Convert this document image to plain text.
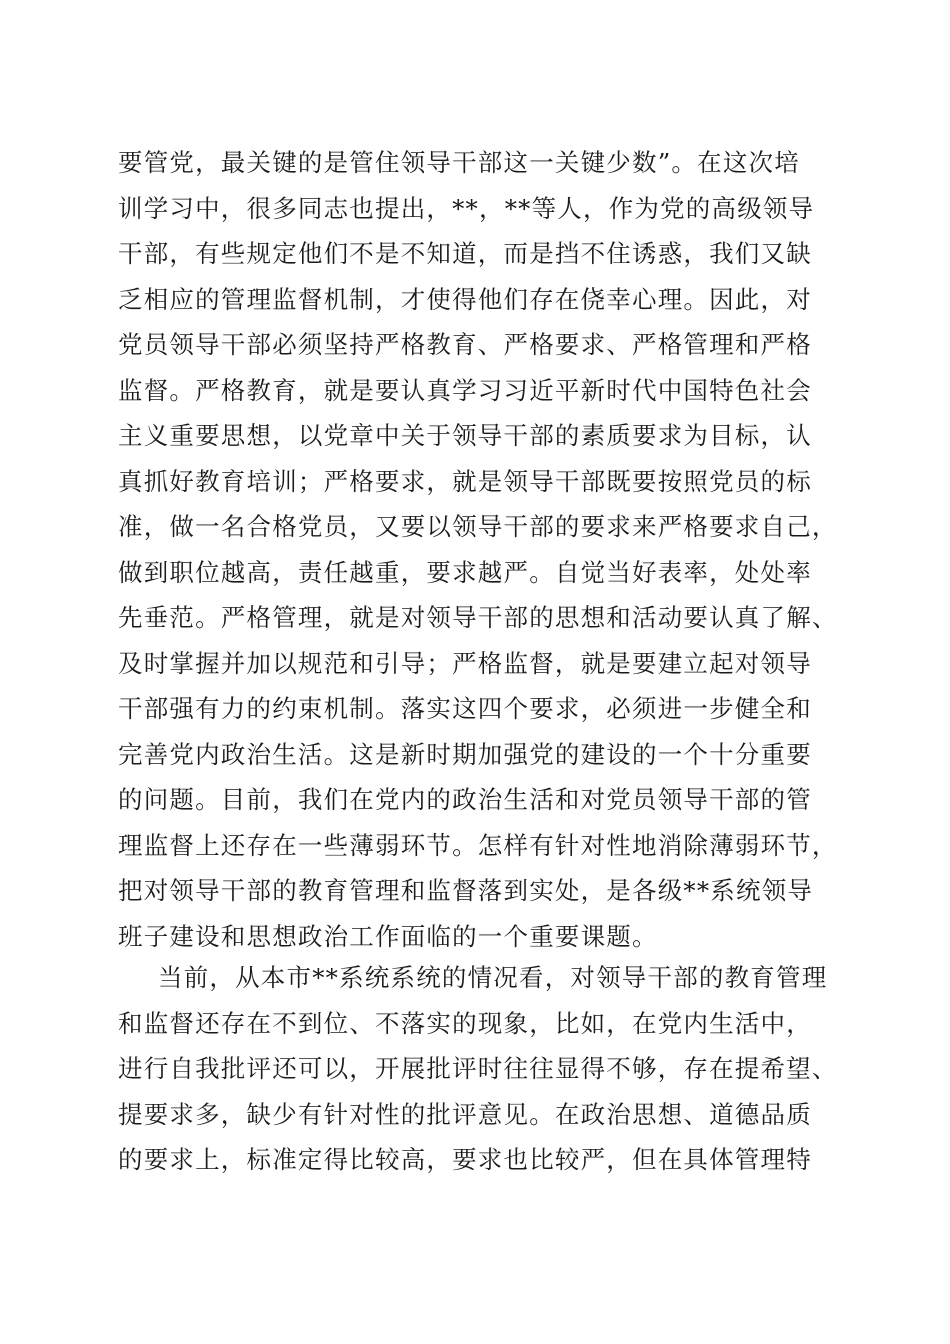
要管党，最关键的是管住领导干部这一关键少数”。在这次培
训学习中，很多同志也提出，**，**等人，作为党的高级领导
干部，有些规定他们不是不知道，而是挡不住诱惑，我们又缺
乏相应的管理监督机制，才使得他们存在侥幸心理。因此，对
党员领导干部必须坚持严格教育、严格要求、严格管理和严格
监督。严格教育，就是要认真学习习近平新时代中国特色社会
主义重要思想，以党章中关于领导干部的素质要求为目标，认
真抓好教育培训；严格要求，就是领导干部既要按照党员的标
准，做一名合格党员，又要以领导干部的要求来严格要求自己，
做到职位越高，责任越重，要求越严。自觉当好表率，处处率
先垂范。严格管理，就是对领导干部的思想和活动要认真了解、
及时掌握并加以规范和引导；严格监督，就是要建立起对领导
干部强有力的约束机制。落实这四个要求，必须进一步健全和
完善党内政治生活。这是新时期加强党的建设的一个十分重要
的问题。目前，我们在党内的政治生活和对党员领导干部的管
理监督上还存在一些薄弱环节。怎样有针对性地消除薄弱环节，
把对领导干部的教育管理和监督落到实处，是各级**系统领导
班子建设和思想政治工作面临的一个重要课题。
当前，从本市**系统系统的情况看，对领导干部的教育管理
和监督还存在不到位、不落实的现象，比如，在党内生活中，
进行自我批评还可以，开展批评时往往显得不够，存在提希望、
提要求多，缺少有针对性的批评意见。在政治思想、道德品质
的要求上，标准定得比较高，要求也比较严，但在具体管理特
